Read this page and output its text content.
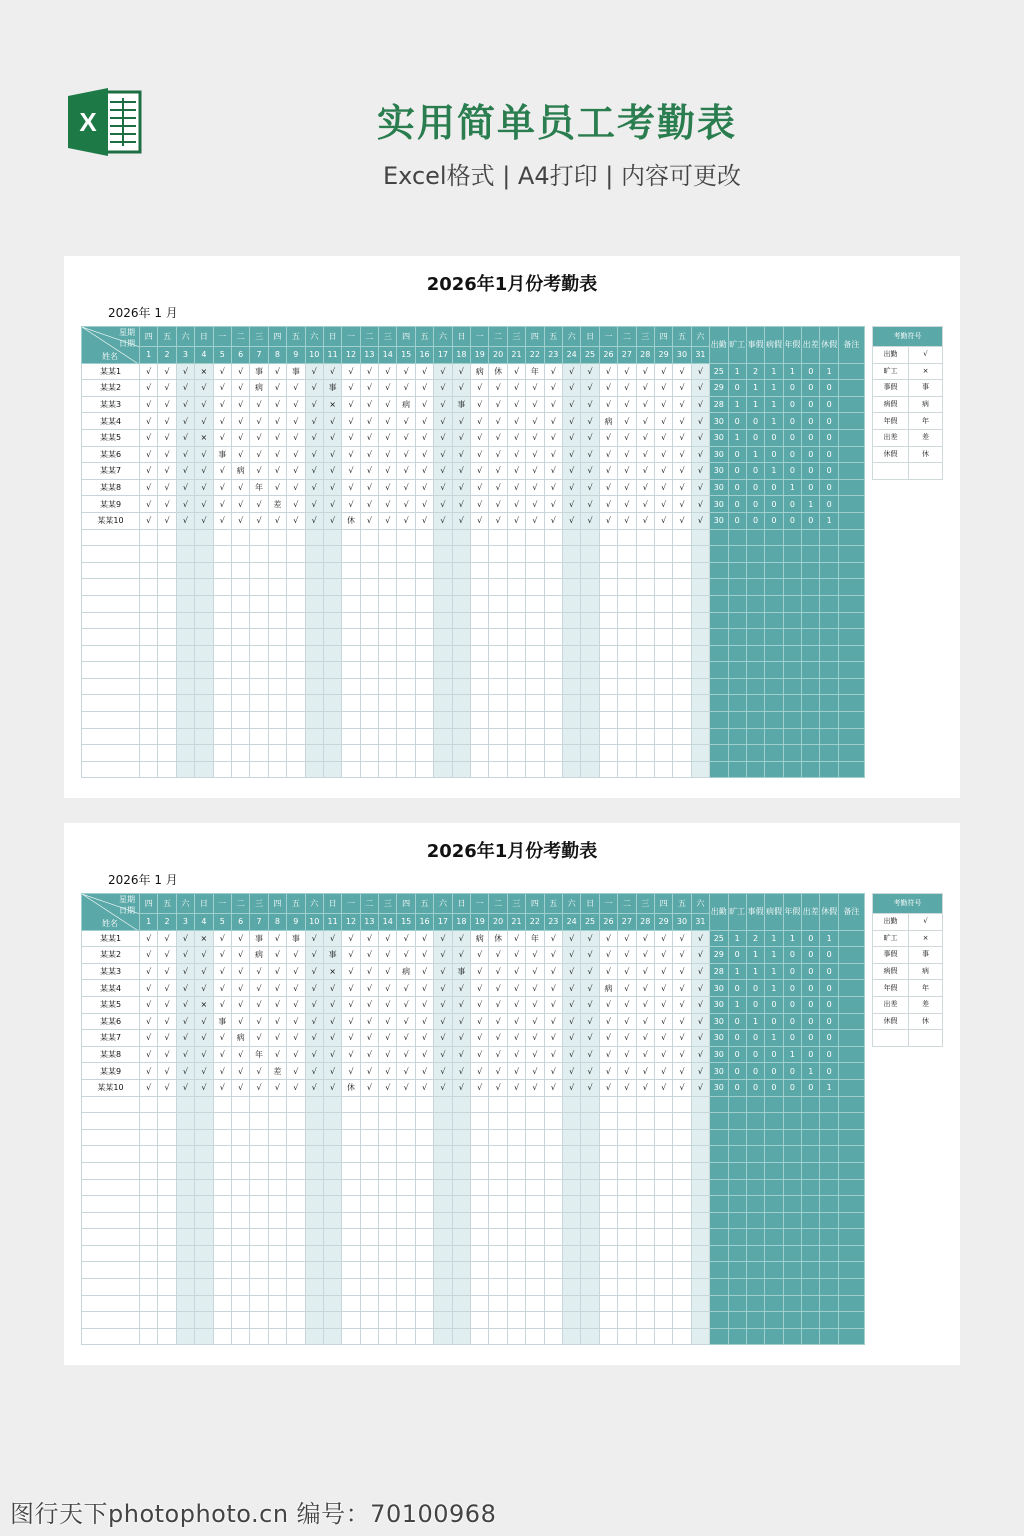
X	实用简单员工考勤表
Excel格式 | A4打印 | 内容可更改
2026年1月份考勤表
2026年 1 月
星期
日期
姓名	四	五	六	日	一	二	三	四	五	六	日	一	二	三	四	五	六	日	一	二	三	四	五	六	日	一	二	三	四	五	六	出勤	旷工	事假	病假	年假	出差	休假	备注
	1	2	3	4	5	6	7	8	9	10	11	12	13	14	15	16	17	18	19	20	21	22	23	24	25	26	27	28	29	30	31								
某某1	√	√	√	×	√	√	事	√	事	√	√	√	√	√	√	√	√	√	病	休	√	年	√	√	√	√	√	√	√	√	√	25	1	2	1	1	0	1	
某某2	√	√	√	√	√	√	病	√	√	√	事	√	√	√	√	√	√	√	√	√	√	√	√	√	√	√	√	√	√	√	√	29	0	1	1	0	0	0	
某某3	√	√	√	√	√	√	√	√	√	√	×	√	√	√	病	√	√	事	√	√	√	√	√	√	√	√	√	√	√	√	√	28	1	1	1	0	0	0	
某某4	√	√	√	√	√	√	√	√	√	√	√	√	√	√	√	√	√	√	√	√	√	√	√	√	√	病	√	√	√	√	√	30	0	0	1	0	0	0	
某某5	√	√	√	×	√	√	√	√	√	√	√	√	√	√	√	√	√	√	√	√	√	√	√	√	√	√	√	√	√	√	√	30	1	0	0	0	0	0	
某某6	√	√	√	√	事	√	√	√	√	√	√	√	√	√	√	√	√	√	√	√	√	√	√	√	√	√	√	√	√	√	√	30	0	1	0	0	0	0	
某某7	√	√	√	√	√	病	√	√	√	√	√	√	√	√	√	√	√	√	√	√	√	√	√	√	√	√	√	√	√	√	√	30	0	0	1	0	0	0	
某某8	√	√	√	√	√	√	年	√	√	√	√	√	√	√	√	√	√	√	√	√	√	√	√	√	√	√	√	√	√	√	√	30	0	0	0	1	0	0	
某某9	√	√	√	√	√	√	√	差	√	√	√	√	√	√	√	√	√	√	√	√	√	√	√	√	√	√	√	√	√	√	√	30	0	0	0	0	1	0	
某某10	√	√	√	√	√	√	√	√	√	√	√	休	√	√	√	√	√	√	√	√	√	√	√	√	√	√	√	√	√	√	√	30	0	0	0	0	0	1	

考勤符号	
出勤	√
旷工	×
事假	事
病假	病
年假	年
出差	差
休假	休

2026年1月份考勤表
2026年 1 月
星期
日期
姓名	四	五	六	日	一	二	三	四	五	六	日	一	二	三	四	五	六	日	一	二	三	四	五	六	日	一	二	三	四	五	六	出勤	旷工	事假	病假	年假	出差	休假	备注
	1	2	3	4	5	6	7	8	9	10	11	12	13	14	15	16	17	18	19	20	21	22	23	24	25	26	27	28	29	30	31								
某某1	√	√	√	×	√	√	事	√	事	√	√	√	√	√	√	√	√	√	病	休	√	年	√	√	√	√	√	√	√	√	√	25	1	2	1	1	0	1	
某某2	√	√	√	√	√	√	病	√	√	√	事	√	√	√	√	√	√	√	√	√	√	√	√	√	√	√	√	√	√	√	√	29	0	1	1	0	0	0	
某某3	√	√	√	√	√	√	√	√	√	√	×	√	√	√	病	√	√	事	√	√	√	√	√	√	√	√	√	√	√	√	√	28	1	1	1	0	0	0	
某某4	√	√	√	√	√	√	√	√	√	√	√	√	√	√	√	√	√	√	√	√	√	√	√	√	√	病	√	√	√	√	√	30	0	0	1	0	0	0	
某某5	√	√	√	×	√	√	√	√	√	√	√	√	√	√	√	√	√	√	√	√	√	√	√	√	√	√	√	√	√	√	√	30	1	0	0	0	0	0	
某某6	√	√	√	√	事	√	√	√	√	√	√	√	√	√	√	√	√	√	√	√	√	√	√	√	√	√	√	√	√	√	√	30	0	1	0	0	0	0	
某某7	√	√	√	√	√	病	√	√	√	√	√	√	√	√	√	√	√	√	√	√	√	√	√	√	√	√	√	√	√	√	√	30	0	0	1	0	0	0	
某某8	√	√	√	√	√	√	年	√	√	√	√	√	√	√	√	√	√	√	√	√	√	√	√	√	√	√	√	√	√	√	√	30	0	0	0	1	0	0	
某某9	√	√	√	√	√	√	√	差	√	√	√	√	√	√	√	√	√	√	√	√	√	√	√	√	√	√	√	√	√	√	√	30	0	0	0	0	1	0	
某某10	√	√	√	√	√	√	√	√	√	√	√	休	√	√	√	√	√	√	√	√	√	√	√	√	√	√	√	√	√	√	√	30	0	0	0	0	0	1	

考勤符号	
出勤	√
旷工	×
事假	事
病假	病
年假	年
出差	差
休假	休

图行天下photophoto.cn 编号：70100968
